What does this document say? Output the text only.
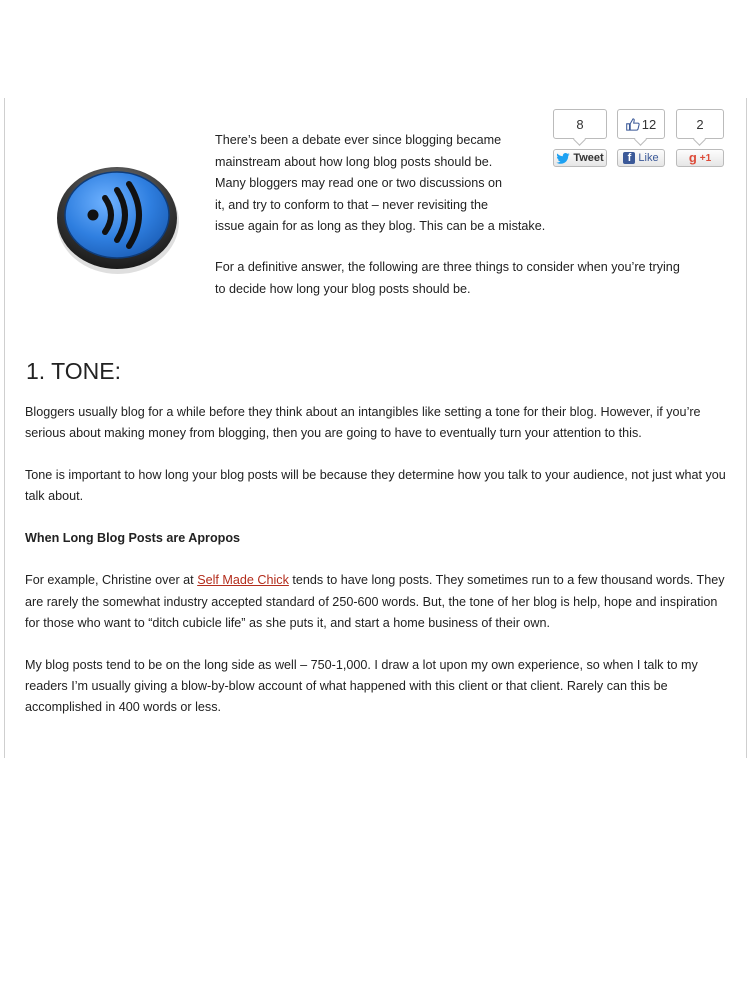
There’s been a debate ever since blogging became

mainstream about how long blog posts should be.

Many bloggers may read one or two discussions on

it, and try to conform to that – never revisiting the

issue again for as long as they blog. This can be a mistake.

For a definitive answer, the following are three things to consider when you’re trying

to decide how long your blog posts should be.

8
Tweet
12
f Like
2
g +1
1. TONE:

Bloggers usually blog for a while before they think about an intangibles like setting a tone for their blog. However, if you’re serious about making money from blogging, then you are going to have to eventually turn your attention to this.

Tone is important to how long your blog posts will be because they determine how you talk to your audience, not just what you talk about.

When Long Blog Posts are Apropos

For example, Christine over at Self Made Chick tends to have long posts. They sometimes run to a few thousand words. They are rarely the somewhat industry accepted standard of 250-600 words. But, the tone of her blog is help, hope and inspiration for those who want to “ditch cubicle life” as she puts it, and start a home business of their own.

My blog posts tend to be on the long side as well – 750-1,000. I draw a lot upon my own experience, so when I talk to my readers I’m usually giving a blow-by-blow account of what happened with this client or that client. Rarely can this be accomplished in 400 words or less.
